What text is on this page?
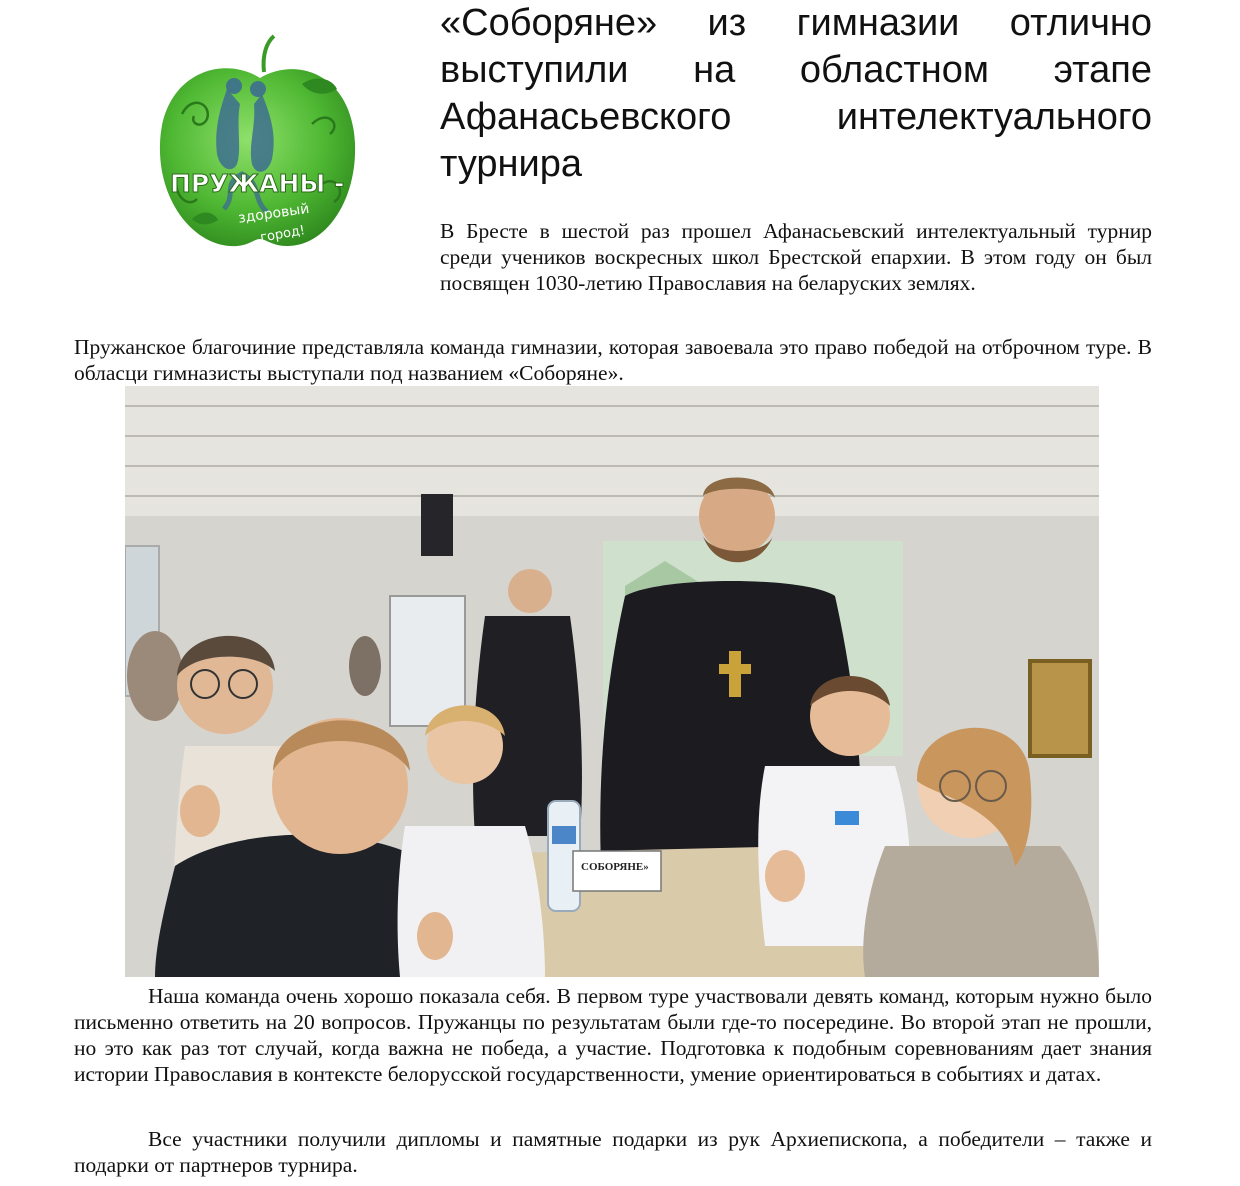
ПРУЖАНЫ -
здоровый
город!
«Соборяне» из гимназии отлично выступили на областном этапе Афанасьевского интелектуального турнира

В Бресте в шестой раз прошел Афанасьевский интелектуальный турнир среди учеников воскресных школ Брестской епархии. В этом году он был посвящен 1030-летию Православия на беларуских землях.

Пружанское благочиние представляла команда гимназии, которая завоевала это право победой на отброчном туре. В облаcци гимназисты выступали под названием «Соборяне».

СОБОРЯНЕ»

Наша команда очень хорошо показала себя. В первом туре участвовали девять команд, которым нужно было письменно ответить на 20 вопросов. Пружанцы по результатам были где-то посередине. Во второй этап не прошли, но это как раз тот случай, когда важна не победа, а участие. Подготовка к подобным соревнованиям дает знания истории Православия в контексте белорусской государственности, умение ориентироваться в событиях и датах.

Все участники получили дипломы и памятные подарки из рук Архиепископа, а победители – также и подарки от партнеров турнира.
